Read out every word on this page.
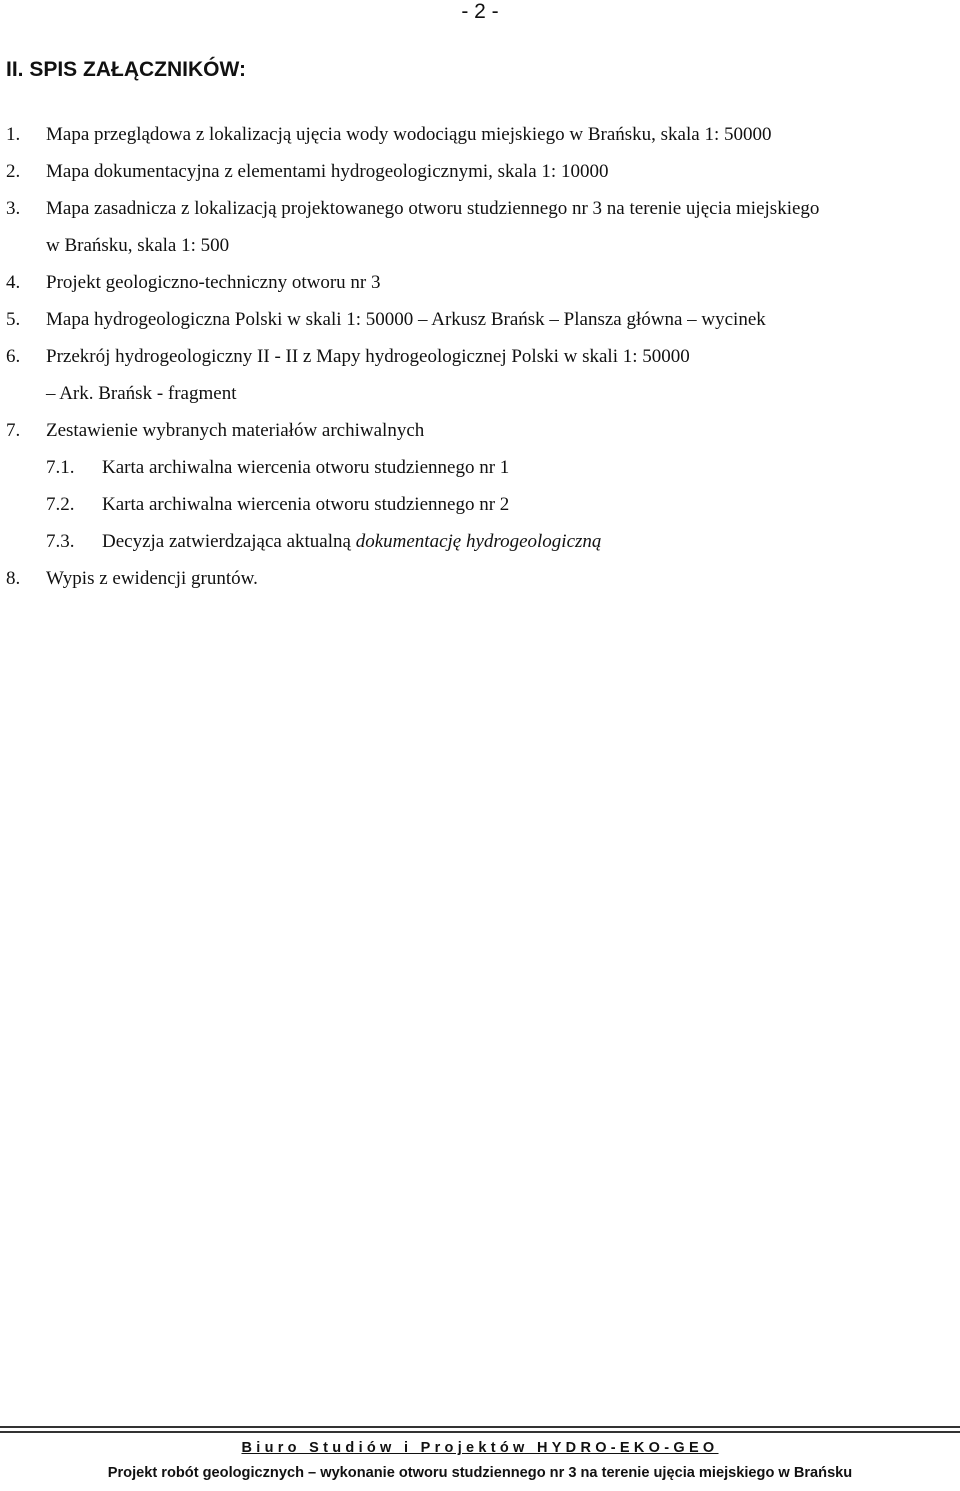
- 2 -
II. SPIS ZAŁĄCZNIKÓW:
1.	Mapa przeglądowa z lokalizacją ujęcia wody wodociągu miejskiego w Brańsku, skala 1: 50000
2.	Mapa dokumentacyjna z elementami hydrogeologicznymi, skala 1: 10000
3.	Mapa zasadnicza z lokalizacją projektowanego otworu studziennego nr 3 na terenie ujęcia miejskiego
w Brańsku, skala 1: 500
4.	Projekt geologiczno-techniczny otworu nr 3
5.	Mapa hydrogeologiczna Polski w skali 1: 50000 – Arkusz Brańsk – Plansza główna – wycinek
6.	Przekrój hydrogeologiczny II - II z Mapy hydrogeologicznej Polski w skali 1: 50000
– Ark. Brańsk - fragment
7.	Zestawienie wybranych materiałów archiwalnych
7.1.	Karta archiwalna wiercenia otworu studziennego nr 1
7.2.	Karta archiwalna wiercenia otworu studziennego nr 2
7.3.	Decyzja zatwierdzająca aktualną dokumentację hydrogeologiczną
8.	Wypis z ewidencji gruntów.
Biuro Studiów i Projektów HYDRO-EKO-GEO
Projekt robót geologicznych – wykonanie otworu studziennego nr 3 na terenie ujęcia miejskiego w Brańsku
